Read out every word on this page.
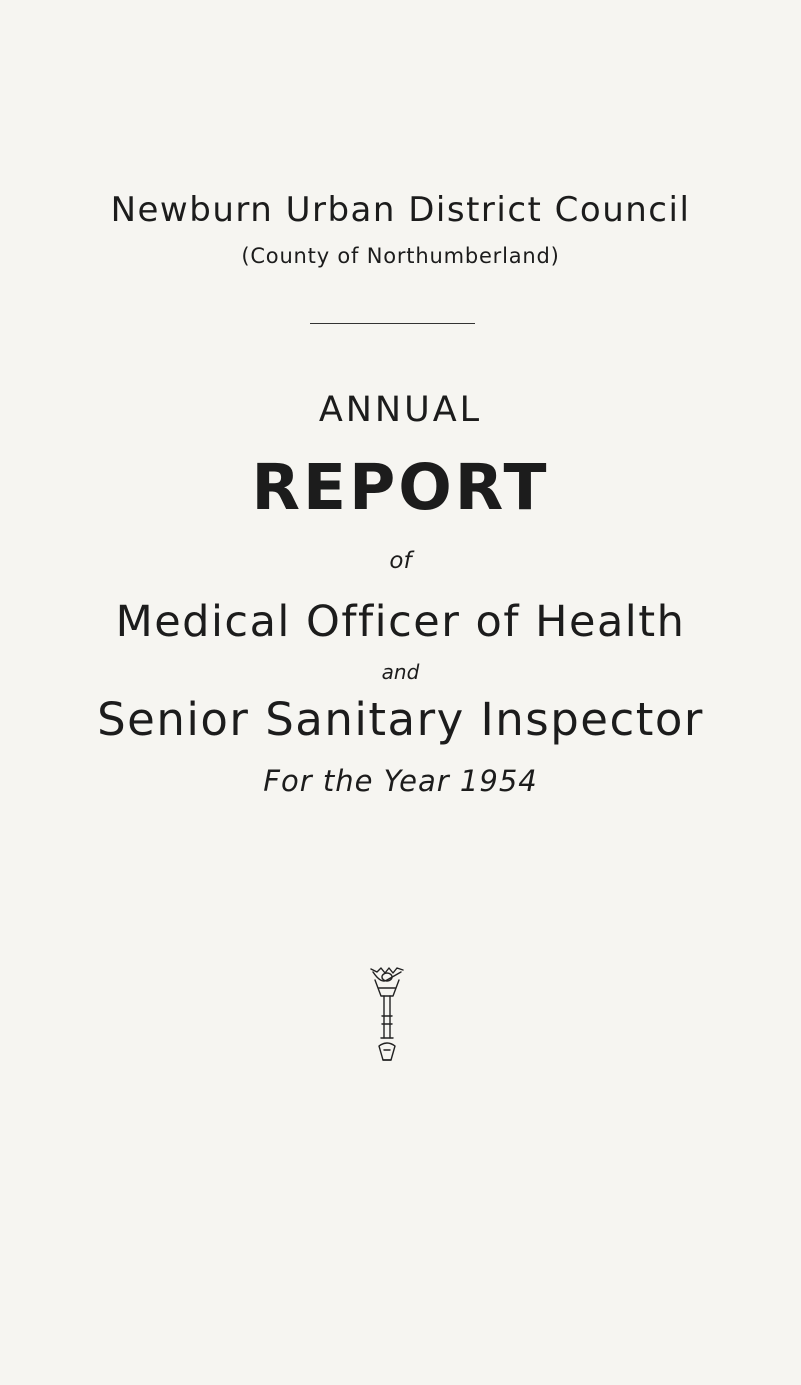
Newburn Urban District Council
(County of Northumberland)
ANNUAL
REPORT
of
Medical Officer of Health
and
Senior Sanitary Inspector
For the Year 1954
